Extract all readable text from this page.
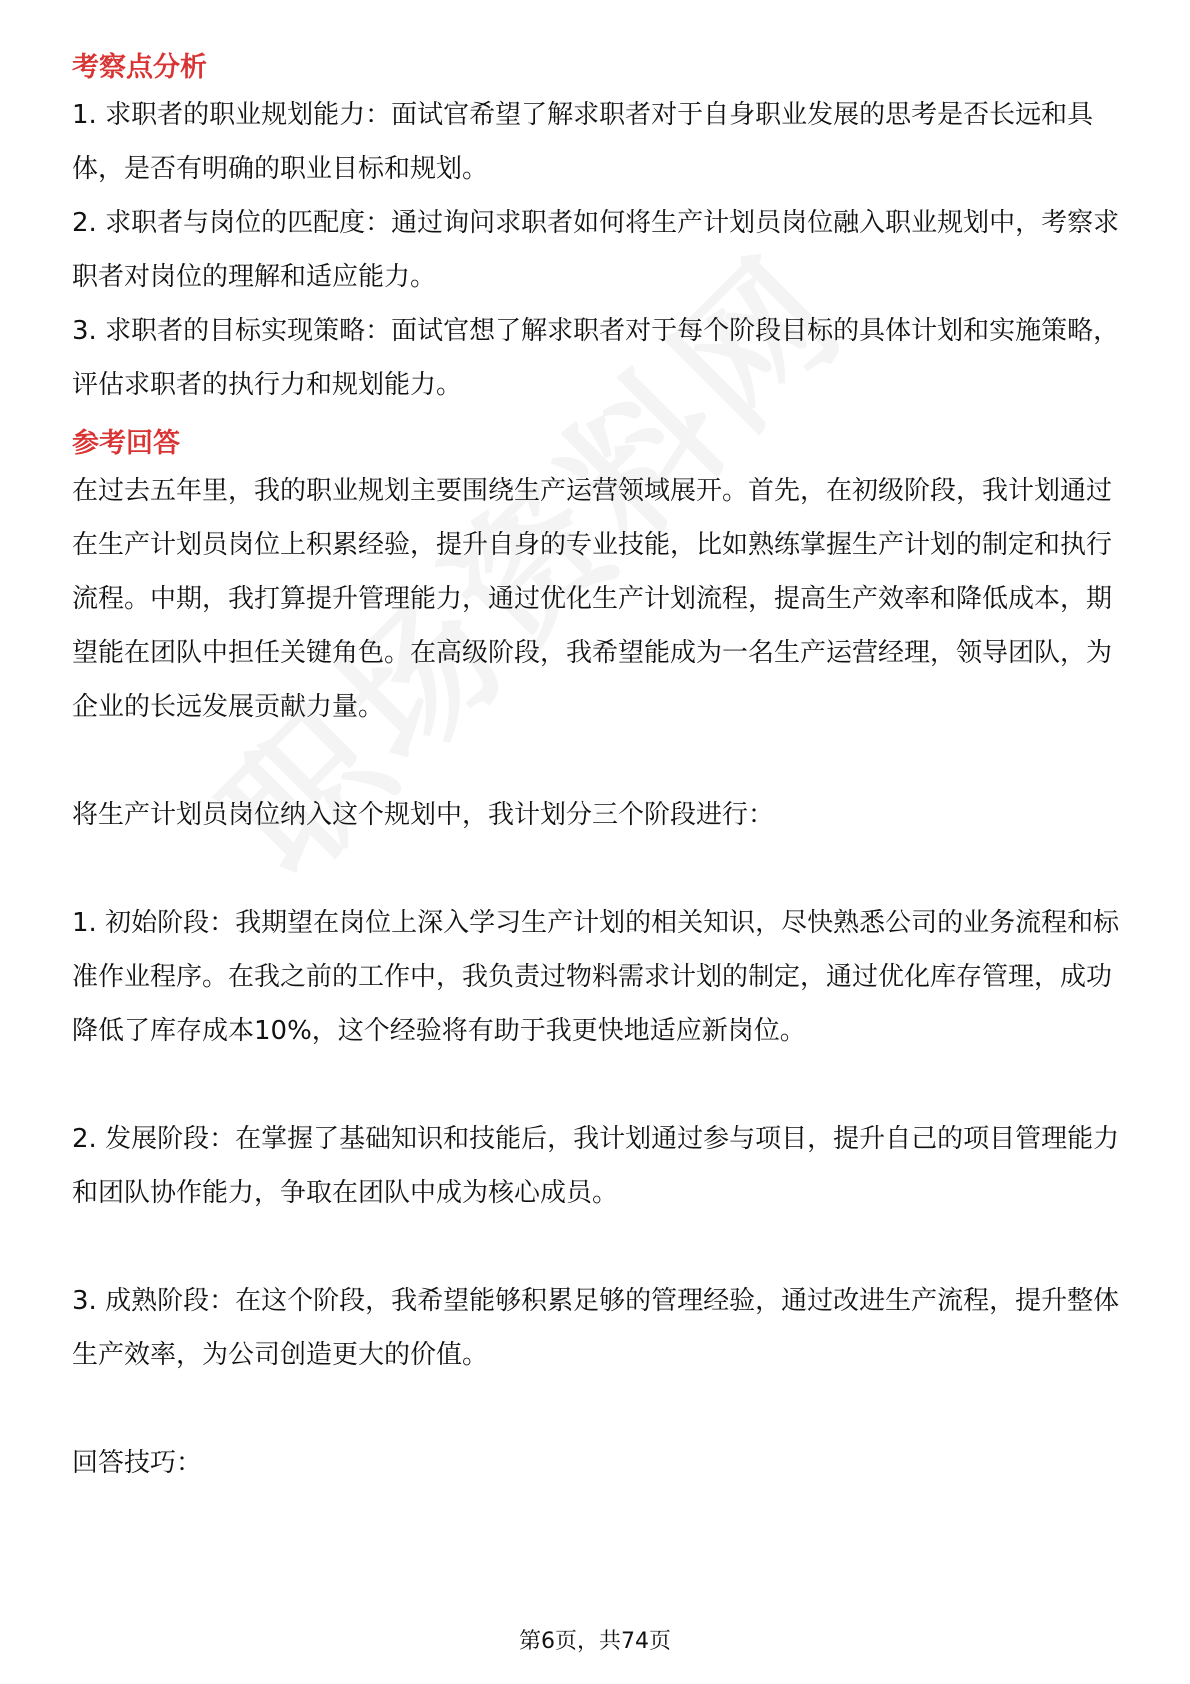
考察点分析

1. 求职者的职业规划能力：面试官希望了解求职者对于自身职业发展的思考是否长远和具体，是否有明确的职业目标和规划。

2. 求职者与岗位的匹配度：通过询问求职者如何将生产计划员岗位融入职业规划中，考察求职者对岗位的理解和适应能力。

3. 求职者的目标实现策略：面试官想了解求职者对于每个阶段目标的具体计划和实施策略，评估求职者的执行力和规划能力。

参考回答

在过去五年里，我的职业规划主要围绕生产运营领域展开。首先，在初级阶段，我计划通过在生产计划员岗位上积累经验，提升自身的专业技能，比如熟练掌握生产计划的制定和执行流程。中期，我打算提升管理能力，通过优化生产计划流程，提高生产效率和降低成本，期望能在团队中担任关键角色。在高级阶段，我希望能成为一名生产运营经理，领导团队，为企业的长远发展贡献力量。

将生产计划员岗位纳入这个规划中，我计划分三个阶段进行：

1. 初始阶段：我期望在岗位上深入学习生产计划的相关知识，尽快熟悉公司的业务流程和标准作业程序。在我之前的工作中，我负责过物料需求计划的制定，通过优化库存管理，成功降低了库存成本10%，这个经验将有助于我更快地适应新岗位。

2. 发展阶段：在掌握了基础知识和技能后，我计划通过参与项目，提升自己的项目管理能力和团队协作能力，争取在团队中成为核心成员。

3. 成熟阶段：在这个阶段，我希望能够积累足够的管理经验，通过改进生产流程，提升整体生产效率，为公司创造更大的价值。

回答技巧：

第6页，共74页
